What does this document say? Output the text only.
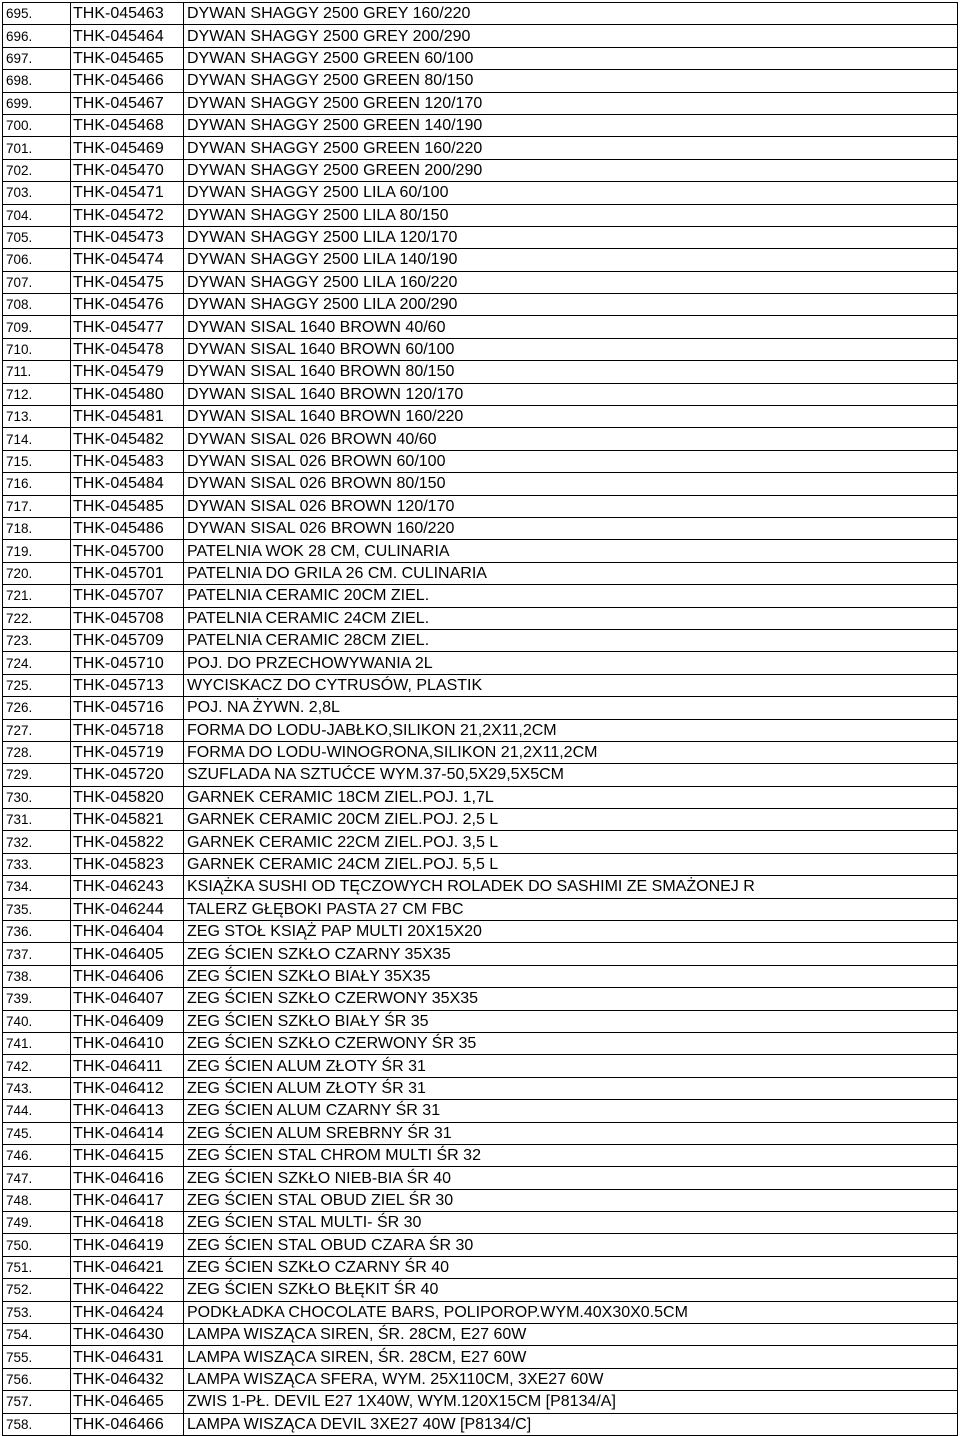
695.	THK-045463	DYWAN SHAGGY 2500 GREY 160/220
696.	THK-045464	DYWAN SHAGGY 2500 GREY 200/290
697.	THK-045465	DYWAN SHAGGY 2500 GREEN 60/100
698.	THK-045466	DYWAN SHAGGY 2500 GREEN 80/150
699.	THK-045467	DYWAN SHAGGY 2500 GREEN 120/170
700.	THK-045468	DYWAN SHAGGY 2500 GREEN 140/190
701.	THK-045469	DYWAN SHAGGY 2500 GREEN 160/220
702.	THK-045470	DYWAN SHAGGY 2500 GREEN 200/290
703.	THK-045471	DYWAN SHAGGY 2500 LILA 60/100
704.	THK-045472	DYWAN SHAGGY 2500 LILA 80/150
705.	THK-045473	DYWAN SHAGGY 2500 LILA 120/170
706.	THK-045474	DYWAN SHAGGY 2500 LILA 140/190
707.	THK-045475	DYWAN SHAGGY 2500 LILA 160/220
708.	THK-045476	DYWAN SHAGGY 2500 LILA 200/290
709.	THK-045477	DYWAN SISAL 1640 BROWN 40/60
710.	THK-045478	DYWAN SISAL 1640 BROWN 60/100
711.	THK-045479	DYWAN SISAL 1640 BROWN 80/150
712.	THK-045480	DYWAN SISAL 1640 BROWN 120/170
713.	THK-045481	DYWAN SISAL 1640 BROWN 160/220
714.	THK-045482	DYWAN SISAL 026 BROWN 40/60
715.	THK-045483	DYWAN SISAL 026 BROWN 60/100
716.	THK-045484	DYWAN SISAL 026 BROWN 80/150
717.	THK-045485	DYWAN SISAL 026 BROWN 120/170
718.	THK-045486	DYWAN SISAL 026 BROWN 160/220
719.	THK-045700	PATELNIA WOK 28 CM, CULINARIA
720.	THK-045701	PATELNIA DO GRILA 26 CM. CULINARIA
721.	THK-045707	PATELNIA CERAMIC 20CM ZIEL.
722.	THK-045708	PATELNIA CERAMIC 24CM ZIEL.
723.	THK-045709	PATELNIA CERAMIC 28CM ZIEL.
724.	THK-045710	POJ. DO PRZECHOWYWANIA 2L
725.	THK-045713	WYCISKACZ DO CYTRUSÓW, PLASTIK
726.	THK-045716	POJ. NA ŻYWN. 2,8L
727.	THK-045718	FORMA DO LODU-JABŁKO,SILIKON 21,2X11,2CM
728.	THK-045719	FORMA DO LODU-WINOGRONA,SILIKON 21,2X11,2CM
729.	THK-045720	SZUFLADA NA SZTUĆCE WYM.37-50,5X29,5X5CM
730.	THK-045820	GARNEK CERAMIC 18CM ZIEL.POJ. 1,7L
731.	THK-045821	GARNEK CERAMIC 20CM ZIEL.POJ. 2,5 L
732.	THK-045822	GARNEK CERAMIC 22CM ZIEL.POJ. 3,5 L
733.	THK-045823	GARNEK CERAMIC 24CM ZIEL.POJ. 5,5 L
734.	THK-046243	KSIĄŻKA SUSHI OD TĘCZOWYCH ROLADEK DO SASHIMI ZE SMAŻONEJ R
735.	THK-046244	TALERZ GŁĘBOKI PASTA 27 CM FBC
736.	THK-046404	ZEG STOŁ KSIĄŻ PAP MULTI 20X15X20
737.	THK-046405	ZEG ŚCIEN SZKŁO CZARNY 35X35
738.	THK-046406	ZEG ŚCIEN SZKŁO BIAŁY 35X35
739.	THK-046407	ZEG ŚCIEN SZKŁO CZERWONY 35X35
740.	THK-046409	ZEG ŚCIEN SZKŁO BIAŁY ŚR 35
741.	THK-046410	ZEG ŚCIEN SZKŁO CZERWONY ŚR 35
742.	THK-046411	ZEG ŚCIEN ALUM ZŁOTY ŚR 31
743.	THK-046412	ZEG ŚCIEN ALUM ZŁOTY ŚR 31
744.	THK-046413	ZEG ŚCIEN ALUM CZARNY ŚR 31
745.	THK-046414	ZEG ŚCIEN ALUM SREBRNY ŚR 31
746.	THK-046415	ZEG ŚCIEN STAL CHROM MULTI ŚR 32
747.	THK-046416	ZEG ŚCIEN SZKŁO NIEB-BIA ŚR 40
748.	THK-046417	ZEG ŚCIEN STAL OBUD ZIEL ŚR 30
749.	THK-046418	ZEG ŚCIEN STAL MULTI- ŚR 30
750.	THK-046419	ZEG ŚCIEN STAL OBUD CZARA ŚR 30
751.	THK-046421	ZEG ŚCIEN SZKŁO CZARNY ŚR 40
752.	THK-046422	ZEG ŚCIEN SZKŁO BŁĘKIT ŚR 40
753.	THK-046424	PODKŁADKA CHOCOLATE BARS, POLIPOROP.WYM.40X30X0.5CM
754.	THK-046430	LAMPA WISZĄCA SIREN, ŚR. 28CM, E27 60W
755.	THK-046431	LAMPA WISZĄCA SIREN, ŚR. 28CM, E27 60W
756.	THK-046432	LAMPA WISZĄCA SFERA, WYM. 25X110CM, 3XE27 60W
757.	THK-046465	ZWIS 1-PŁ. DEVIL E27 1X40W, WYM.120X15CM [P8134/A]
758.	THK-046466	LAMPA WISZĄCA DEVIL 3XE27 40W [P8134/C]
